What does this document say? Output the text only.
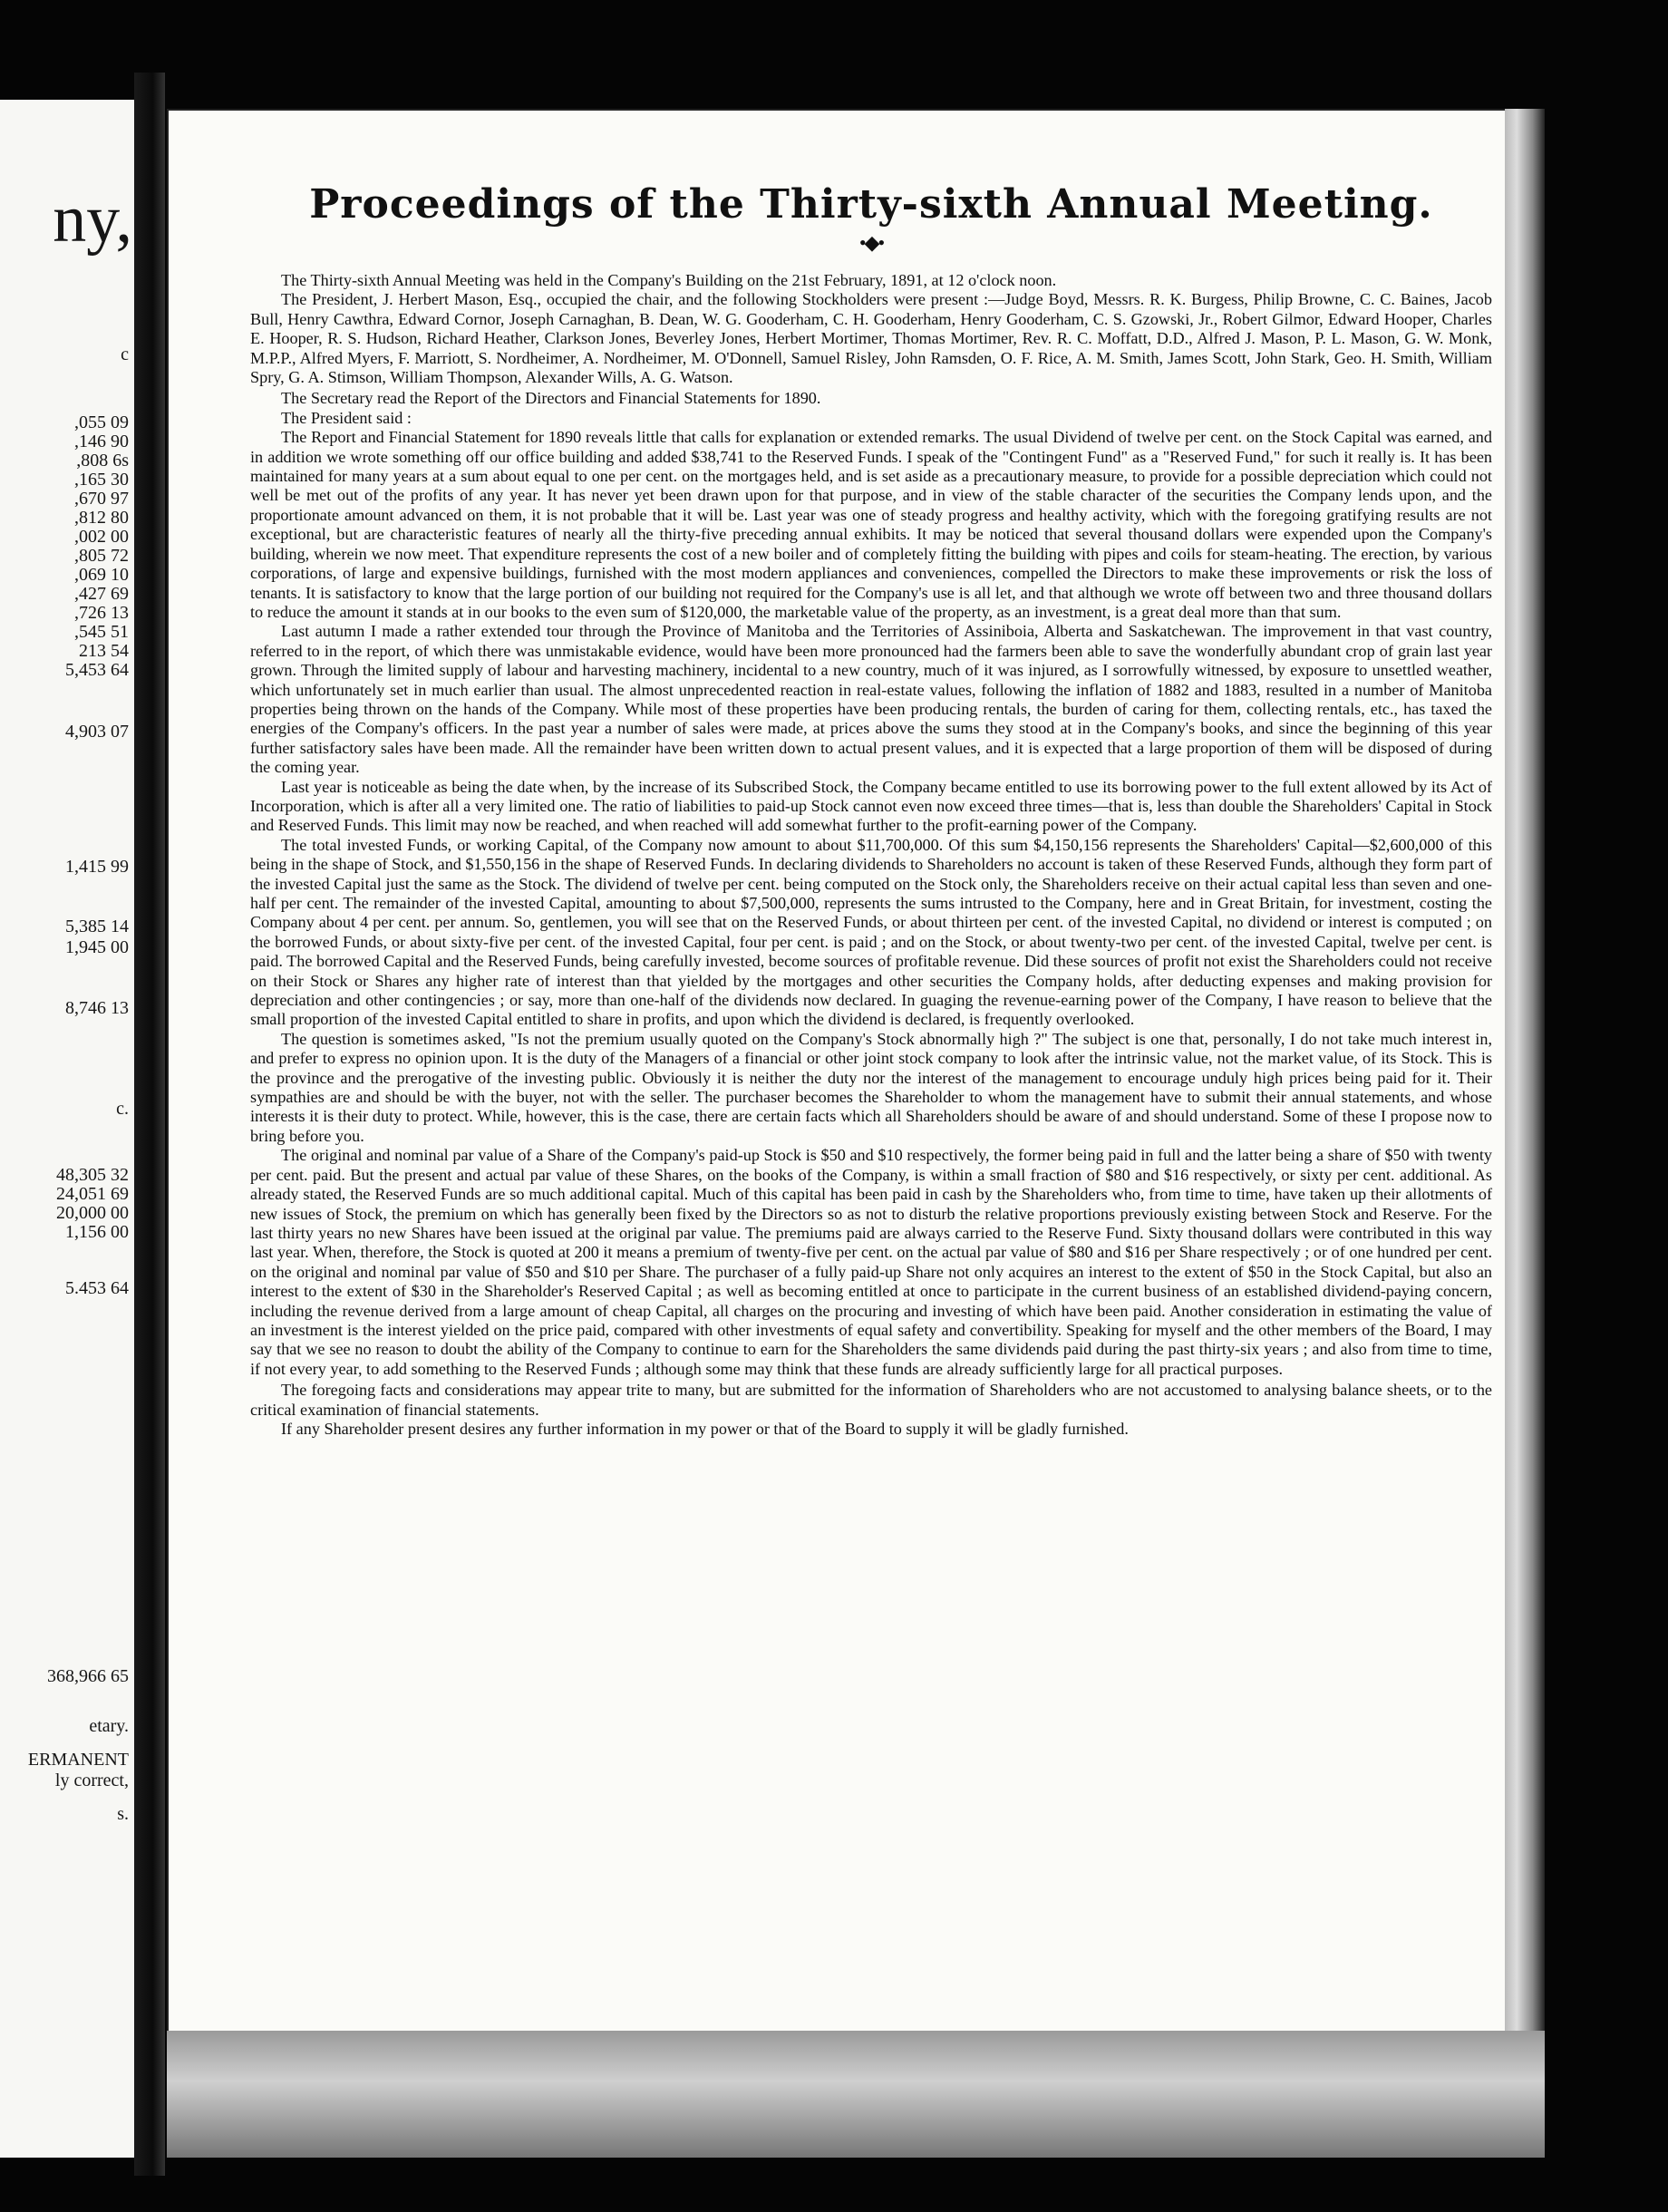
ny,
c
,055 09
,146 90
,808 6s
,165 30
,670 97
,812 80
,002 00
,805 72
,069 10
,427 69
,726 13
,545 51
213 54
5,453 64
4,903 07
1,415 99
5,385 14
1,945 00
8,746 13
c.
48,305 32
24,051 69
20,000 00
1,156 00
5.453 64
368,966 65
etary.
ERMANENT
ly correct,
s.
Proceedings of the Thirty-sixth Annual Meeting.
•◆•

The Thirty-sixth Annual Meeting was held in the Company's Building on the 21st February, 1891, at 12 o'clock noon.

The President, J. Herbert Mason, Esq., occupied the chair, and the following Stockholders were present :—Judge Boyd, Messrs. R. K. Burgess, Philip Browne, C. C. Baines, Jacob Bull, Henry Cawthra, Edward Cornor, Joseph Carnaghan, B. Dean, W. G. Gooderham, C. H. Gooderham, Henry Gooderham, C. S. Gzowski, Jr., Robert Gilmor, Edward Hooper, Charles E. Hooper, R. S. Hudson, Richard Heather, Clarkson Jones, Beverley Jones, Herbert Mortimer, Thomas Mortimer, Rev. R. C. Moffatt, D.D., Alfred J. Mason, P. L. Mason, G. W. Monk, M.P.P., Alfred Myers, F. Marriott, S. Nordheimer, A. Nordheimer, M. O'Donnell, Samuel Risley, John Ramsden, O. F. Rice, A. M. Smith, James Scott, John Stark, Geo. H. Smith, William Spry, G. A. Stimson, William Thompson, Alexander Wills, A. G. Watson.

The Secretary read the Report of the Directors and Financial Statements for 1890.

The President said :

The Report and Financial Statement for 1890 reveals little that calls for explanation or extended remarks. The usual Dividend of twelve per cent. on the Stock Capital was earned, and in addition we wrote something off our office building and added $38,741 to the Reserved Funds. I speak of the "Contingent Fund" as a "Reserved Fund," for such it really is. It has been maintained for many years at a sum about equal to one per cent. on the mortgages held, and is set aside as a precautionary measure, to provide for a possible depreciation which could not well be met out of the profits of any year. It has never yet been drawn upon for that purpose, and in view of the stable character of the securities the Company lends upon, and the proportionate amount advanced on them, it is not probable that it will be. Last year was one of steady progress and healthy activity, which with the foregoing gratifying results are not exceptional, but are characteristic features of nearly all the thirty-five preceding annual exhibits. It may be noticed that several thousand dollars were expended upon the Company's building, wherein we now meet. That expenditure represents the cost of a new boiler and of completely fitting the building with pipes and coils for steam-heating. The erection, by various corporations, of large and expensive buildings, furnished with the most modern appliances and conveniences, compelled the Directors to make these improvements or risk the loss of tenants. It is satisfactory to know that the large portion of our building not required for the Company's use is all let, and that although we wrote off between two and three thousand dollars to reduce the amount it stands at in our books to the even sum of $120,000, the marketable value of the property, as an investment, is a great deal more than that sum.

Last autumn I made a rather extended tour through the Province of Manitoba and the Territories of Assiniboia, Alberta and Saskatchewan. The improvement in that vast country, referred to in the report, of which there was unmistakable evidence, would have been more pronounced had the farmers been able to save the wonderfully abundant crop of grain last year grown. Through the limited supply of labour and harvesting machinery, incidental to a new country, much of it was injured, as I sorrowfully witnessed, by exposure to unsettled weather, which unfortunately set in much earlier than usual. The almost unprecedented reaction in real-estate values, following the inflation of 1882 and 1883, resulted in a number of Manitoba properties being thrown on the hands of the Company. While most of these properties have been producing rentals, the burden of caring for them, collecting rentals, etc., has taxed the energies of the Company's officers. In the past year a number of sales were made, at prices above the sums they stood at in the Company's books, and since the beginning of this year further satisfactory sales have been made. All the remainder have been written down to actual present values, and it is expected that a large proportion of them will be disposed of during the coming year.

Last year is noticeable as being the date when, by the increase of its Subscribed Stock, the Company became entitled to use its borrowing power to the full extent allowed by its Act of Incorporation, which is after all a very limited one. The ratio of liabilities to paid-up Stock cannot even now exceed three times—that is, less than double the Shareholders' Capital in Stock and Reserved Funds. This limit may now be reached, and when reached will add somewhat further to the profit-earning power of the Company.

The total invested Funds, or working Capital, of the Company now amount to about $11,700,000. Of this sum $4,150,156 represents the Shareholders' Capital—$2,600,000 of this being in the shape of Stock, and $1,550,156 in the shape of Reserved Funds. In declaring dividends to Shareholders no account is taken of these Reserved Funds, although they form part of the invested Capital just the same as the Stock. The dividend of twelve per cent. being computed on the Stock only, the Shareholders receive on their actual capital less than seven and one-half per cent. The remainder of the invested Capital, amounting to about $7,500,000, represents the sums intrusted to the Company, here and in Great Britain, for investment, costing the Company about 4 per cent. per annum. So, gentlemen, you will see that on the Reserved Funds, or about thirteen per cent. of the invested Capital, no dividend or interest is computed ; on the borrowed Funds, or about sixty-five per cent. of the invested Capital, four per cent. is paid ; and on the Stock, or about twenty-two per cent. of the invested Capital, twelve per cent. is paid. The borrowed Capital and the Reserved Funds, being carefully invested, become sources of profitable revenue. Did these sources of profit not exist the Shareholders could not receive on their Stock or Shares any higher rate of interest than that yielded by the mortgages and other securities the Company holds, after deducting expenses and making provision for depreciation and other contingencies ; or say, more than one-half of the dividends now declared. In guaging the revenue-earning power of the Company, I have reason to believe that the small proportion of the invested Capital entitled to share in profits, and upon which the dividend is declared, is frequently overlooked.

The question is sometimes asked, "Is not the premium usually quoted on the Company's Stock abnormally high ?" The subject is one that, personally, I do not take much interest in, and prefer to express no opinion upon. It is the duty of the Managers of a financial or other joint stock company to look after the intrinsic value, not the market value, of its Stock. This is the province and the prerogative of the investing public. Obviously it is neither the duty nor the interest of the management to encourage unduly high prices being paid for it. Their sympathies are and should be with the buyer, not with the seller. The purchaser becomes the Shareholder to whom the management have to submit their annual statements, and whose interests it is their duty to protect. While, however, this is the case, there are certain facts which all Shareholders should be aware of and should understand. Some of these I propose now to bring before you.

The original and nominal par value of a Share of the Company's paid-up Stock is $50 and $10 respectively, the former being paid in full and the latter being a share of $50 with twenty per cent. paid. But the present and actual par value of these Shares, on the books of the Company, is within a small fraction of $80 and $16 respectively, or sixty per cent. additional. As already stated, the Reserved Funds are so much additional capital. Much of this capital has been paid in cash by the Shareholders who, from time to time, have taken up their allotments of new issues of Stock, the premium on which has generally been fixed by the Directors so as not to disturb the relative proportions previously existing between Stock and Reserve. For the last thirty years no new Shares have been issued at the original par value. The premiums paid are always carried to the Reserve Fund. Sixty thousand dollars were contributed in this way last year. When, therefore, the Stock is quoted at 200 it means a premium of twenty-five per cent. on the actual par value of $80 and $16 per Share respectively ; or of one hundred per cent. on the original and nominal par value of $50 and $10 per Share. The purchaser of a fully paid-up Share not only acquires an interest to the extent of $50 in the Stock Capital, but also an interest to the extent of $30 in the Shareholder's Reserved Capital ; as well as becoming entitled at once to participate in the current business of an established dividend-paying concern, including the revenue derived from a large amount of cheap Capital, all charges on the procuring and investing of which have been paid. Another consideration in estimating the value of an investment is the interest yielded on the price paid, compared with other investments of equal safety and convertibility. Speaking for myself and the other members of the Board, I may say that we see no reason to doubt the ability of the Company to continue to earn for the Shareholders the same dividends paid during the past thirty-six years ; and also from time to time, if not every year, to add something to the Reserved Funds ; although some may think that these funds are already sufficiently large for all practical purposes.

The foregoing facts and considerations may appear trite to many, but are submitted for the information of Shareholders who are not accustomed to analysing balance sheets, or to the critical examination of financial statements.

If any Shareholder present desires any further information in my power or that of the Board to supply it will be gladly furnished.
